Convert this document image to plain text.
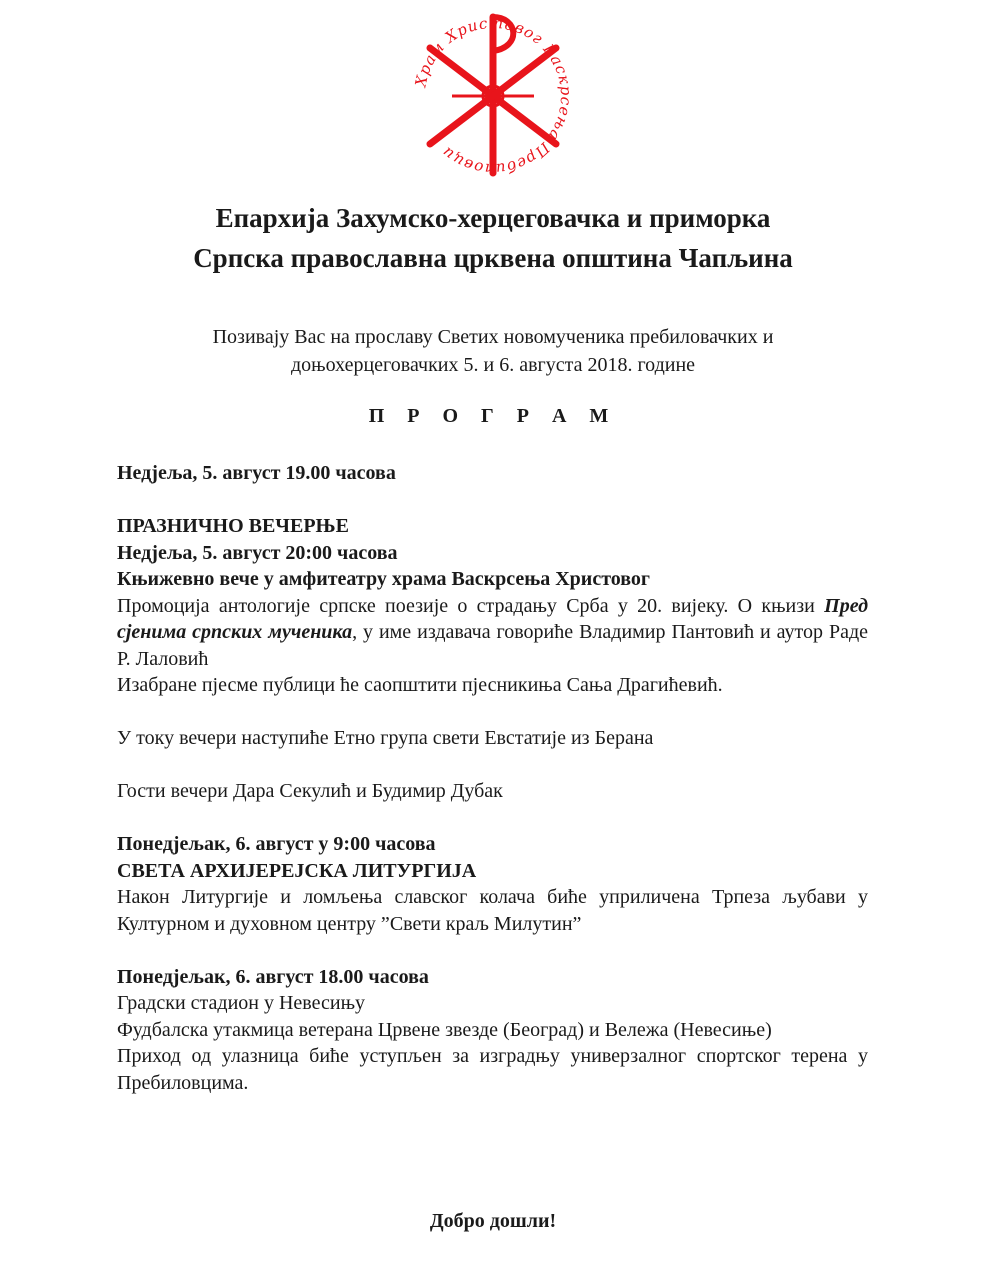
Храм Христовог Васкрсења Пребиловци
Епархија Захумско-херцеговачка и приморка
Српска православна црквена општина Чапљина
Позивају Вас на прославу Светих новомученика пребиловачких и
доњохерцеговачких 5. и 6. августа 2018. године
П Р О Г Р А М
Недјеља, 5. август 19.00 часова
ПРАЗНИЧНО ВЕЧЕРЊЕ
Недјеља, 5. август 20:00 часова
Књижевно вече у амфитеатру храма Васкрсења Христовог
Промоција антологије српске поезије о страдању Срба у 20. вијеку. О књизи Пред сјенима српских мученика, у име издавача говориће Владимир Пантовић и аутор Раде Р. Лаловић
Изабране пјесме публици ће саопштити пјесникиња Сања Драгићевић.
У току вечери наступиће Етно група свети Евстатије из Берана
Гости вечери Дара Секулић и Будимир Дубак
Понедјељак, 6. август у 9:00 часова
СВЕТА АРХИЈЕРЕЈСКА ЛИТУРГИЈА
Након Литургије и ломљења славског колача биће уприличена Трпеза љубави у Културном и духовном центру ”Свети краљ Милутин”
Понедјељак, 6. август 18.00 часова
Градски стадион у Невесињу
Фудбалска утакмица ветерана Црвене звезде (Београд) и Вележа (Невесиње)
Приход од улазница биће уступљен за изградњу универзалног спортског терена у Пребиловцима.
Добро дошли!
